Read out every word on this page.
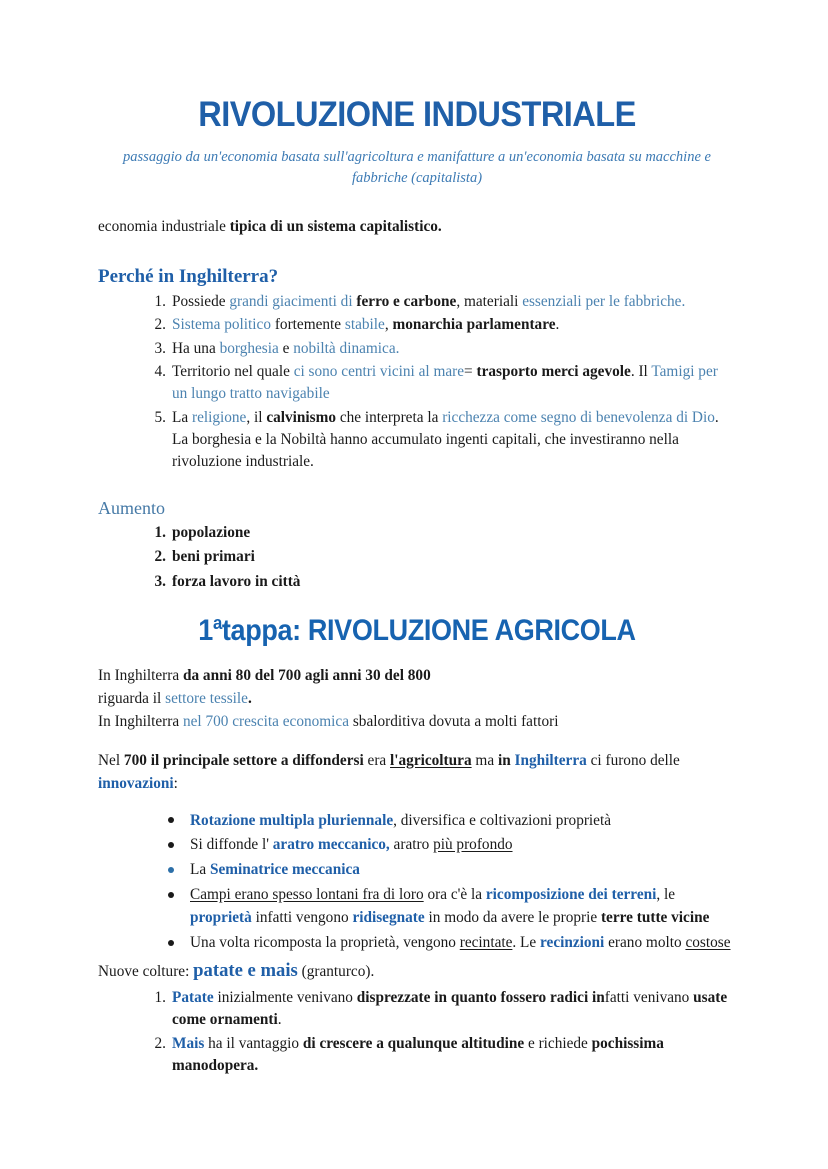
RIVOLUZIONE INDUSTRIALE

passaggio da un'economia basata sull'agricoltura e manifatture a un'economia basata su macchine e fabbriche (capitalista)

economia industriale tipica di un sistema capitalistico.

Perché in Inghilterra?
Possiede grandi giacimenti di ferro e carbone, materiali essenziali per le fabbriche.
Sistema politico fortemente stabile, monarchia parlamentare.
Ha una borghesia e nobiltà dinamica.
Territorio nel quale ci sono centri vicini al mare= trasporto merci agevole. Il Tamigi per un lungo tratto navigabile
La religione, il calvinismo che interpreta la ricchezza come segno di benevolenza di Dio. La borghesia e la Nobiltà hanno accumulato ingenti capitali, che investiranno nella rivoluzione industriale.
Aumento
popolazione
beni primari
forza lavoro in città
1$^a$tappa: RIVOLUZIONE AGRICOLA

In Inghilterra da anni 80 del 700 agli anni 30 del 800

riguarda il settore tessile.

In Inghilterra nel 700 crescita economica sbalorditiva dovuta a molti fattori

Nel 700 il principale settore a diffondersi era l'agricoltura ma in Inghilterra ci furono delle innovazioni:

Rotazione multipla pluriennale, diversifica e coltivazioni proprietà
Si diffonde l' aratro meccanico, aratro più profondo
La Seminatrice meccanica
Campi erano spesso lontani fra di loro ora c'è la ricomposizione dei terreni, le proprietà infatti vengono ridisegnate in modo da avere le proprie terre tutte vicine
Una volta ricomposta la proprietà, vengono recintate. Le recinzioni erano molto costose

Nuove colture: patate e mais (granturco).

Patate inizialmente venivano disprezzate in quanto fossero radici infatti venivano usate come ornamenti.
Mais ha il vantaggio di crescere a qualunque altitudine e richiede pochissima manodopera.
